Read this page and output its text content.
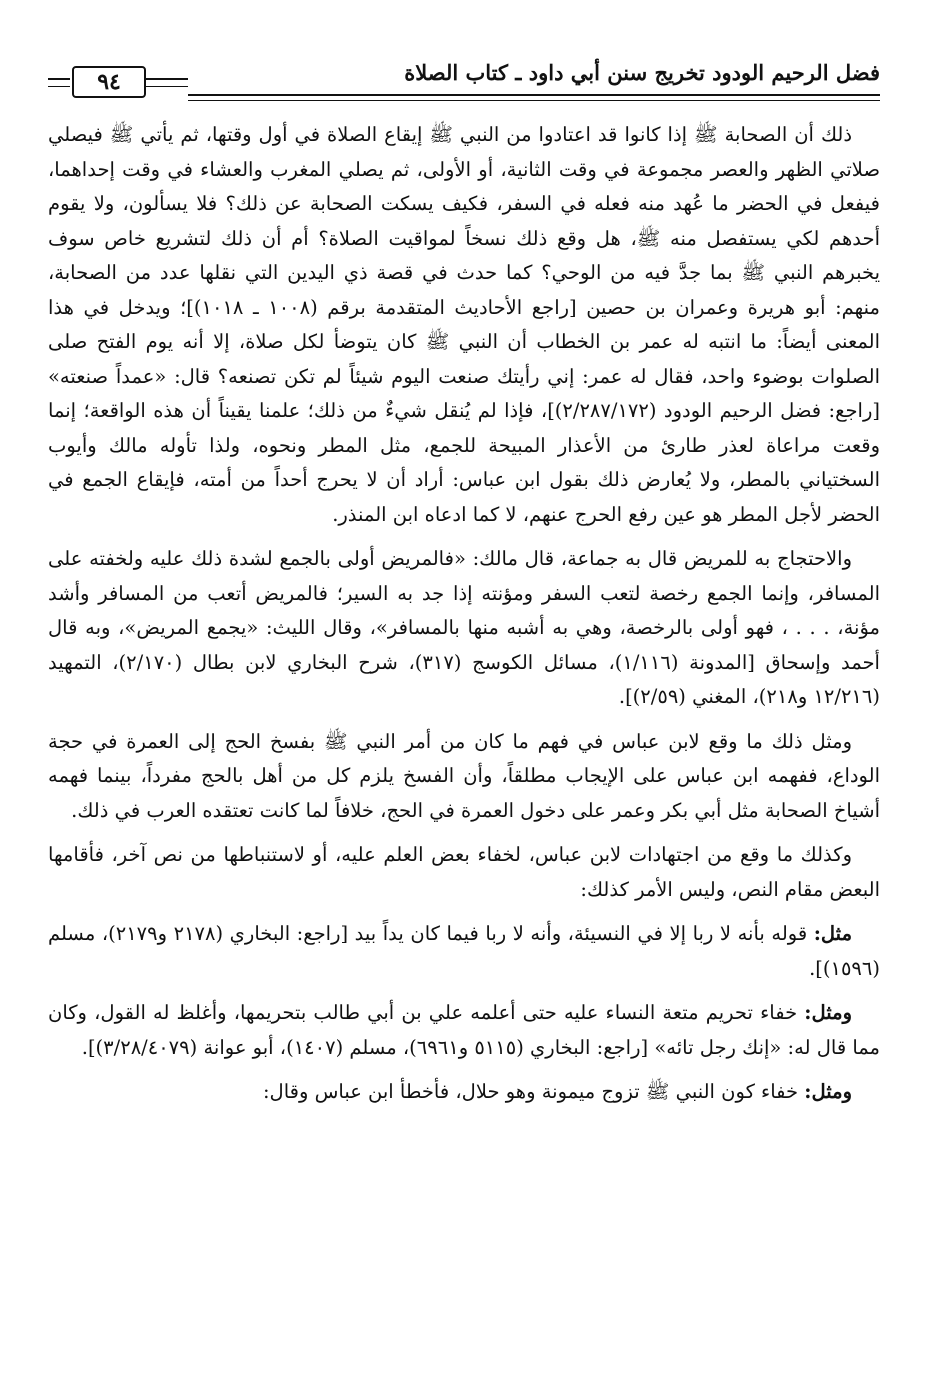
فضل الرحيم الودود تخريج سنن أبي داود ـ كتاب الصلاة
٩٤

ذلك أن الصحابة ﷺ إذا كانوا قد اعتادوا من النبي ﷺ إيقاع الصلاة في أول وقتها، ثم يأتي ﷺ فيصلي صلاتي الظهر والعصر مجموعة في وقت الثانية، أو الأولى، ثم يصلي المغرب والعشاء في وقت إحداهما، فيفعل في الحضر ما عُهد منه فعله في السفر، فكيف يسكت الصحابة عن ذلك؟ فلا يسألون، ولا يقوم أحدهم لكي يستفصل منه ﷺ، هل وقع ذلك نسخاً لمواقيت الصلاة؟ أم أن ذلك لتشريع خاص سوف يخبرهم النبي ﷺ بما جدَّ فيه من الوحي؟ كما حدث في قصة ذي اليدين التي نقلها عدد من الصحابة، منهم: أبو هريرة وعمران بن حصين [راجع الأحاديث المتقدمة برقم (١٠٠٨ ـ ١٠١٨)]؛ ويدخل في هذا المعنى أيضاً: ما انتبه له عمر بن الخطاب أن النبي ﷺ كان يتوضأ لكل صلاة، إلا أنه يوم الفتح صلى الصلوات بوضوء واحد، فقال له عمر: إني رأيتك صنعت اليوم شيئاً لم تكن تصنعه؟ قال: «عمداً صنعته» [راجع: فضل الرحيم الودود (٢/٢٨٧/١٧٢)]، فإذا لم يُنقل شيءٌ من ذلك؛ علمنا يقيناً أن هذه الواقعة؛ إنما وقعت مراعاة لعذر طارئ من الأعذار المبيحة للجمع، مثل المطر ونحوه، ولذا تأوله مالك وأيوب السختياني بالمطر، ولا يُعارض ذلك بقول ابن عباس: أراد أن لا يحرج أحداً من أمته، فإيقاع الجمع في الحضر لأجل المطر هو عين رفع الحرج عنهم، لا كما ادعاه ابن المنذر.

والاحتجاج به للمريض قال به جماعة، قال مالك: «فالمريض أولى بالجمع لشدة ذلك عليه ولخفته على المسافر، وإنما الجمع رخصة لتعب السفر ومؤنته إذا جد به السير؛ فالمريض أتعب من المسافر وأشد مؤنة، . . . ، فهو أولى بالرخصة، وهي به أشبه منها بالمسافر»، وقال الليث: «يجمع المريض»، وبه قال أحمد وإسحاق [المدونة (١/١١٦)، مسائل الكوسج (٣١٧)، شرح البخاري لابن بطال (٢/١٧٠)، التمهيد (١٢/٢١٦ و٢١٨)، المغني (٢/٥٩)].

ومثل ذلك ما وقع لابن عباس في فهم ما كان من أمر النبي ﷺ بفسخ الحج إلى العمرة في حجة الوداع، ففهمه ابن عباس على الإيجاب مطلقاً، وأن الفسخ يلزم كل من أهل بالحج مفرداً، بينما فهمه أشياخ الصحابة مثل أبي بكر وعمر على دخول العمرة في الحج، خلافاً لما كانت تعتقده العرب في ذلك.

وكذلك ما وقع من اجتهادات لابن عباس، لخفاء بعض العلم عليه، أو لاستنباطها من نص آخر، فأقامها البعض مقام النص، وليس الأمر كذلك:

مثل: قوله بأنه لا ربا إلا في النسيئة، وأنه لا ربا فيما كان يداً بيد [راجع: البخاري (٢١٧٨ و٢١٧٩)، مسلم (١٥٩٦)].

ومثل: خفاء تحريم متعة النساء عليه حتى أعلمه علي بن أبي طالب بتحريمها، وأغلظ له القول، وكان مما قال له: «إنك رجل تائه» [راجع: البخاري (٥١١٥ و٦٩٦١)، مسلم (١٤٠٧)، أبو عوانة (٣/٢٨/٤٠٧٩)].

ومثل: خفاء كون النبي ﷺ تزوج ميمونة وهو حلال، فأخطأ ابن عباس وقال:
